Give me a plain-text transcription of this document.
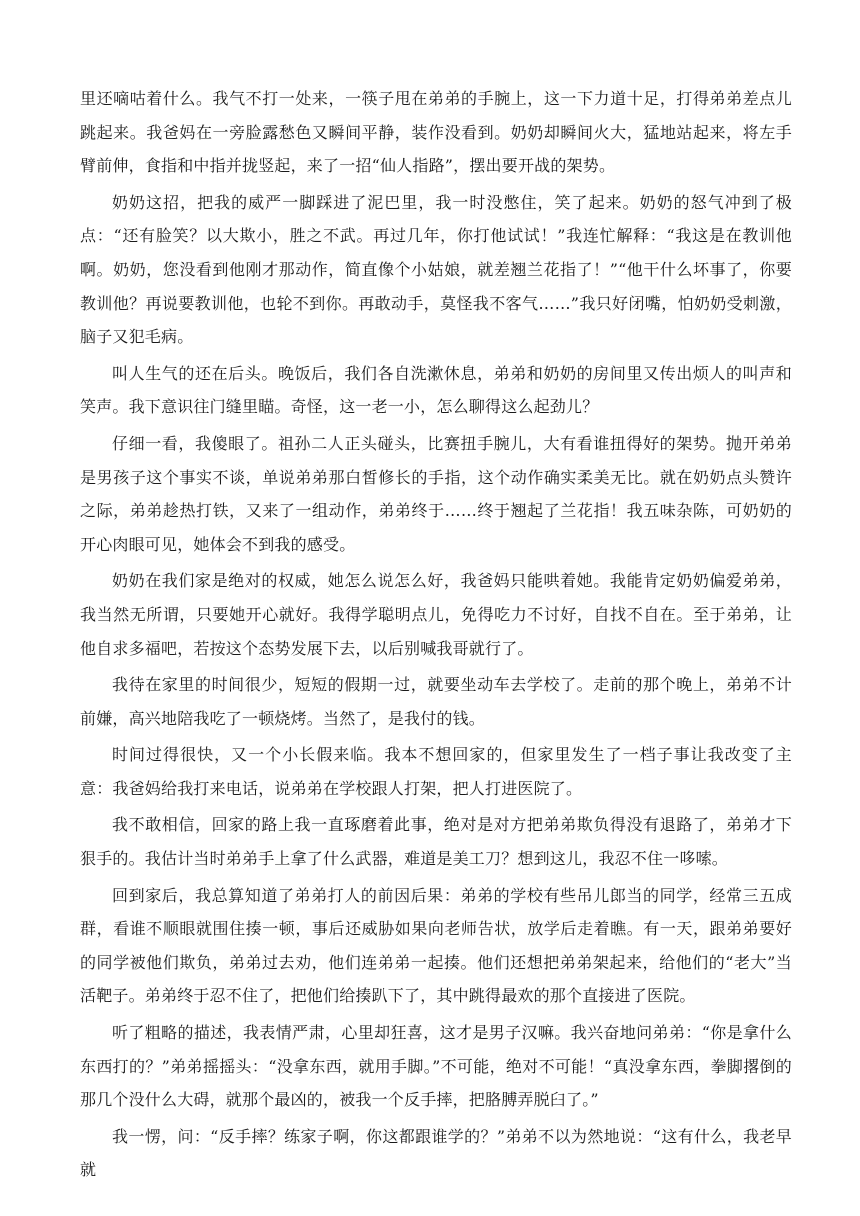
里还嘀咕着什么。我气不打一处来，一筷子甩在弟弟的手腕上，这一下力道十足，打得弟弟差点儿跳起来。我爸妈在一旁脸露愁色又瞬间平静，装作没看到。奶奶却瞬间火大，猛地站起来，将左手臂前伸，食指和中指并拢竖起，来了一招“仙人指路”，摆出要开战的架势。

奶奶这招，把我的威严一脚踩进了泥巴里，我一时没憋住，笑了起来。奶奶的怒气冲到了极点：“还有脸笑？以大欺小，胜之不武。再过几年，你打他试试！”我连忙解释：“我这是在教训他啊。奶奶，您没看到他刚才那动作，简直像个小姑娘，就差翘兰花指了！”“他干什么坏事了，你要教训他？再说要教训他，也轮不到你。再敢动手，莫怪我不客气……”我只好闭嘴，怕奶奶受刺激，脑子又犯毛病。

叫人生气的还在后头。晚饭后，我们各自洗漱休息，弟弟和奶奶的房间里又传出烦人的叫声和笑声。我下意识往门缝里瞄。奇怪，这一老一小，怎么聊得这么起劲儿？

仔细一看，我傻眼了。祖孙二人正头碰头，比赛扭手腕儿，大有看谁扭得好的架势。抛开弟弟是男孩子这个事实不谈，单说弟弟那白皙修长的手指，这个动作确实柔美无比。就在奶奶点头赞许之际，弟弟趁热打铁，又来了一组动作，弟弟终于……终于翘起了兰花指！我五味杂陈，可奶奶的开心肉眼可见，她体会不到我的感受。

奶奶在我们家是绝对的权威，她怎么说怎么好，我爸妈只能哄着她。我能肯定奶奶偏爱弟弟，我当然无所谓，只要她开心就好。我得学聪明点儿，免得吃力不讨好，自找不自在。至于弟弟，让他自求多福吧，若按这个态势发展下去，以后别喊我哥就行了。

我待在家里的时间很少，短短的假期一过，就要坐动车去学校了。走前的那个晚上，弟弟不计前嫌，高兴地陪我吃了一顿烧烤。当然了，是我付的钱。

时间过得很快，又一个小长假来临。我本不想回家的，但家里发生了一档子事让我改变了主意：我爸妈给我打来电话，说弟弟在学校跟人打架，把人打进医院了。

我不敢相信，回家的路上我一直琢磨着此事，绝对是对方把弟弟欺负得没有退路了，弟弟才下狠手的。我估计当时弟弟手上拿了什么武器，难道是美工刀？想到这儿，我忍不住一哆嗦。

回到家后，我总算知道了弟弟打人的前因后果：弟弟的学校有些吊儿郎当的同学，经常三五成群，看谁不顺眼就围住揍一顿，事后还威胁如果向老师告状，放学后走着瞧。有一天，跟弟弟要好的同学被他们欺负，弟弟过去劝，他们连弟弟一起揍。他们还想把弟弟架起来，给他们的“老大”当活靶子。弟弟终于忍不住了，把他们给揍趴下了，其中跳得最欢的那个直接进了医院。

听了粗略的描述，我表情严肃，心里却狂喜，这才是男子汉嘛。我兴奋地问弟弟：“你是拿什么东西打的？”弟弟摇摇头：“没拿东西，就用手脚。”不可能，绝对不可能！“真没拿东西，拳脚撂倒的那几个没什么大碍，就那个最凶的，被我一个反手摔，把胳膊弄脱臼了。”

我一愣，问：“反手摔？练家子啊，你这都跟谁学的？”弟弟不以为然地说：“这有什么，我老早就
